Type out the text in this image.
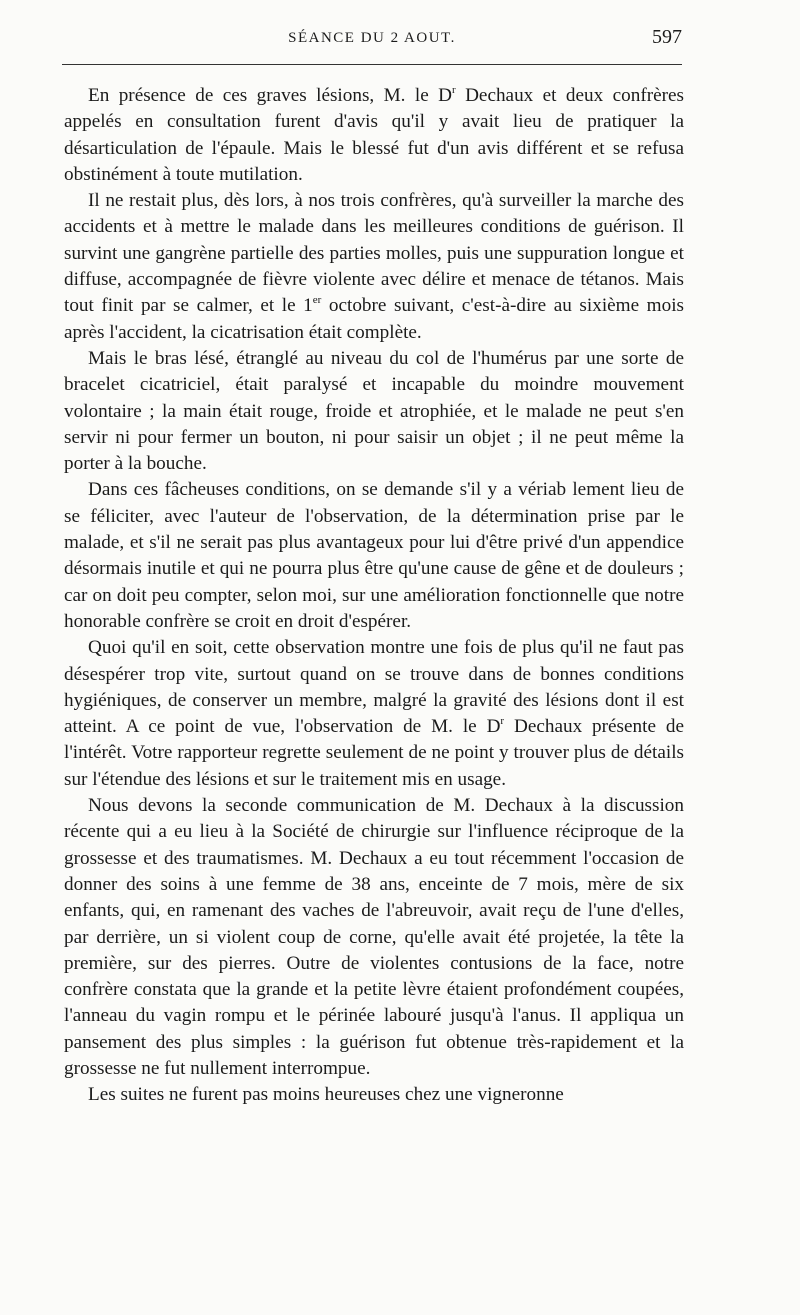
SÉANCE DU 2 AOUT.	597

En présence de ces graves lésions, M. le $D^r$ Dechaux et deux confrères appelés en consultation furent d'avis qu'il y avait lieu de pratiquer la désarticulation de l'épaule. Mais le blessé fut d'un avis différent et se refusa obstinément à toute mutilation.

Il ne restait plus, dès lors, à nos trois confrères, qu'à surveiller la marche des accidents et à mettre le malade dans les meilleures conditions de guérison. Il survint une gangrène partielle des parties molles, puis une suppuration longue et diffuse, accompagnée de fièvre violente avec délire et menace de tétanos. Mais tout finit par se calmer, et le 1er octobre suivant, c'est-à-dire au sixième mois après l'accident, la cicatrisation était complète.

Mais le bras lésé, étranglé au niveau du col de l'humérus par une sorte de bracelet cicatriciel, était paralysé et incapable du moindre mouvement volontaire ; la main était rouge, froide et atrophiée, et le malade ne peut s'en servir ni pour fermer un bouton, ni pour saisir un objet ; il ne peut même la porter à la bouche.

Dans ces fâcheuses conditions, on se demande s'il y a vériab lement lieu de se féliciter, avec l'auteur de l'observation, de la détermination prise par le malade, et s'il ne serait pas plus avantageux pour lui d'être privé d'un appendice désormais inutile et qui ne pourra plus être qu'une cause de gêne et de douleurs ; car on doit peu compter, selon moi, sur une amélioration fonctionnelle que notre honorable confrère se croit en droit d'espérer.

Quoi qu'il en soit, cette observation montre une fois de plus qu'il ne faut pas désespérer trop vite, surtout quand on se trouve dans de bonnes conditions hygiéniques, de conserver un membre, malgré la gravité des lésions dont il est atteint. A ce point de vue, l'observation de M. le $D^r$ Dechaux présente de l'intérêt. Votre rapporteur regrette seulement de ne point y trouver plus de détails sur l'étendue des lésions et sur le traitement mis en usage.

Nous devons la seconde communication de M. Dechaux à la discussion récente qui a eu lieu à la Société de chirurgie sur l'influence réciproque de la grossesse et des traumatismes. M. Dechaux a eu tout récemment l'occasion de donner des soins à une femme de 38 ans, enceinte de 7 mois, mère de six enfants, qui, en ramenant des vaches de l'abreuvoir, avait reçu de l'une d'elles, par derrière, un si violent coup de corne, qu'elle avait été projetée, la tête la première, sur des pierres. Outre de violentes contusions de la face, notre confrère constata que la grande et la petite lèvre étaient profondément coupées, l'anneau du vagin rompu et le périnée labouré jusqu'à l'anus. Il appliqua un pansement des plus simples : la guérison fut obtenue très-rapidement et la grossesse ne fut nullement interrompue.

Les suites ne furent pas moins heureuses chez une vigneronne
